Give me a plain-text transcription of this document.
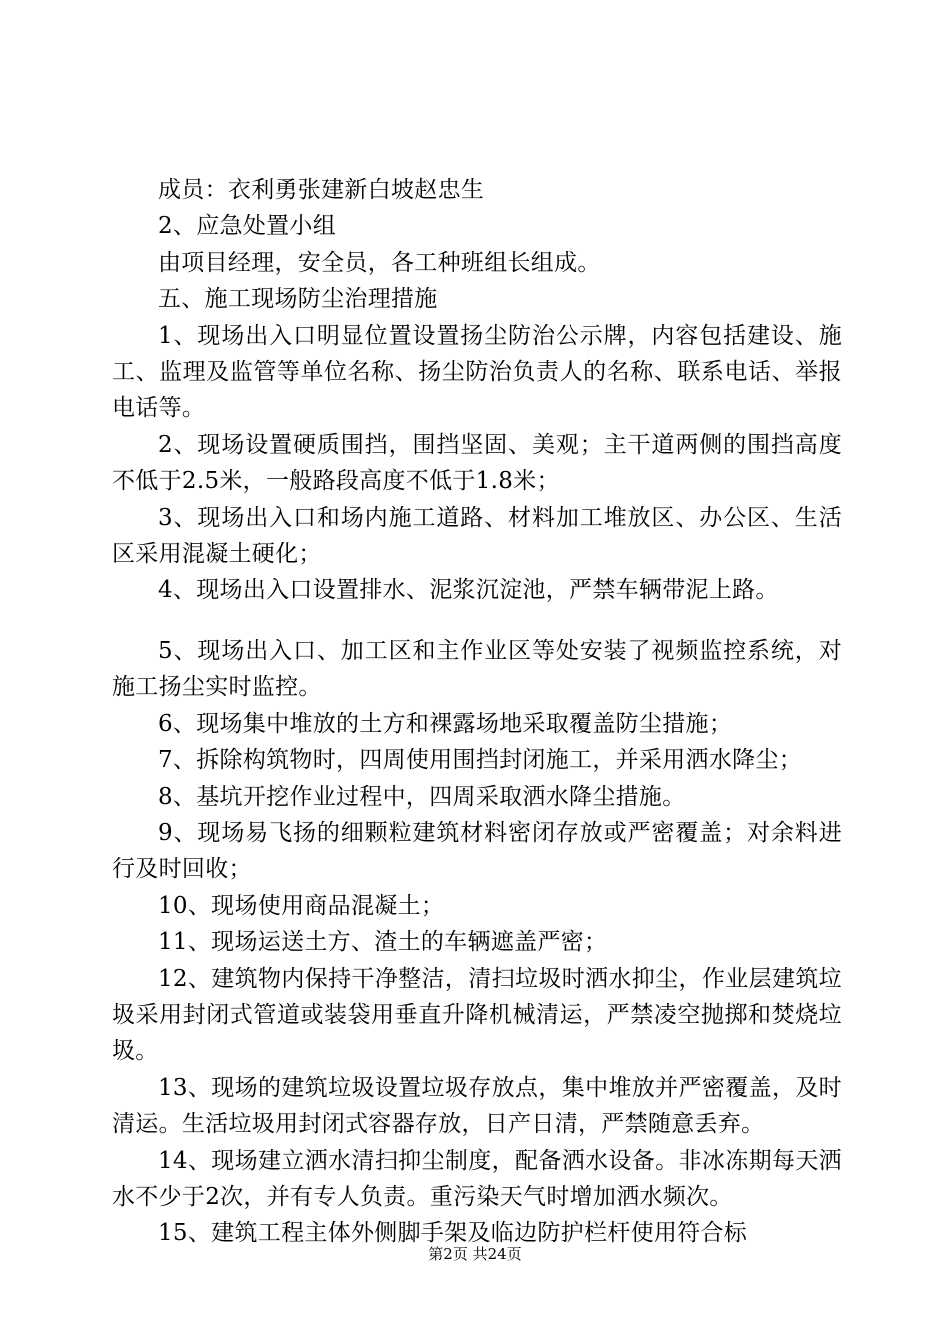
成员：衣利勇张建新白坡赵忠生

2、应急处置小组

由项目经理，安全员，各工种班组长组成。

五、施工现场防尘治理措施

1、现场出入口明显位置设置扬尘防治公示牌，内容包括建设、施工、监理及监管等单位名称、扬尘防治负责人的名称、联系电话、举报电话等。

2、现场设置硬质围挡，围挡坚固、美观；主干道两侧的围挡高度不低于2.5米，一般路段高度不低于1.8米；

3、现场出入口和场内施工道路、材料加工堆放区、办公区、生活区采用混凝土硬化；

4、现场出入口设置排水、泥浆沉淀池，严禁车辆带泥上路。

5、现场出入口、加工区和主作业区等处安装了视频监控系统，对施工扬尘实时监控。

6、现场集中堆放的土方和裸露场地采取覆盖防尘措施；

7、拆除构筑物时，四周使用围挡封闭施工，并采用洒水降尘；

8、基坑开挖作业过程中，四周采取洒水降尘措施。

9、现场易飞扬的细颗粒建筑材料密闭存放或严密覆盖；对余料进行及时回收；

10、现场使用商品混凝土；

11、现场运送土方、渣土的车辆遮盖严密；

12、建筑物内保持干净整洁，清扫垃圾时洒水抑尘，作业层建筑垃圾采用封闭式管道或装袋用垂直升降机械清运，严禁凌空抛掷和焚烧垃圾。

13、现场的建筑垃圾设置垃圾存放点，集中堆放并严密覆盖，及时清运。生活垃圾用封闭式容器存放，日产日清，严禁随意丢弃。

14、现场建立洒水清扫抑尘制度，配备洒水设备。非冰冻期每天洒水不少于2次，并有专人负责。重污染天气时增加洒水频次。

15、建筑工程主体外侧脚手架及临边防护栏杆使用符合标

第2页 共24页
